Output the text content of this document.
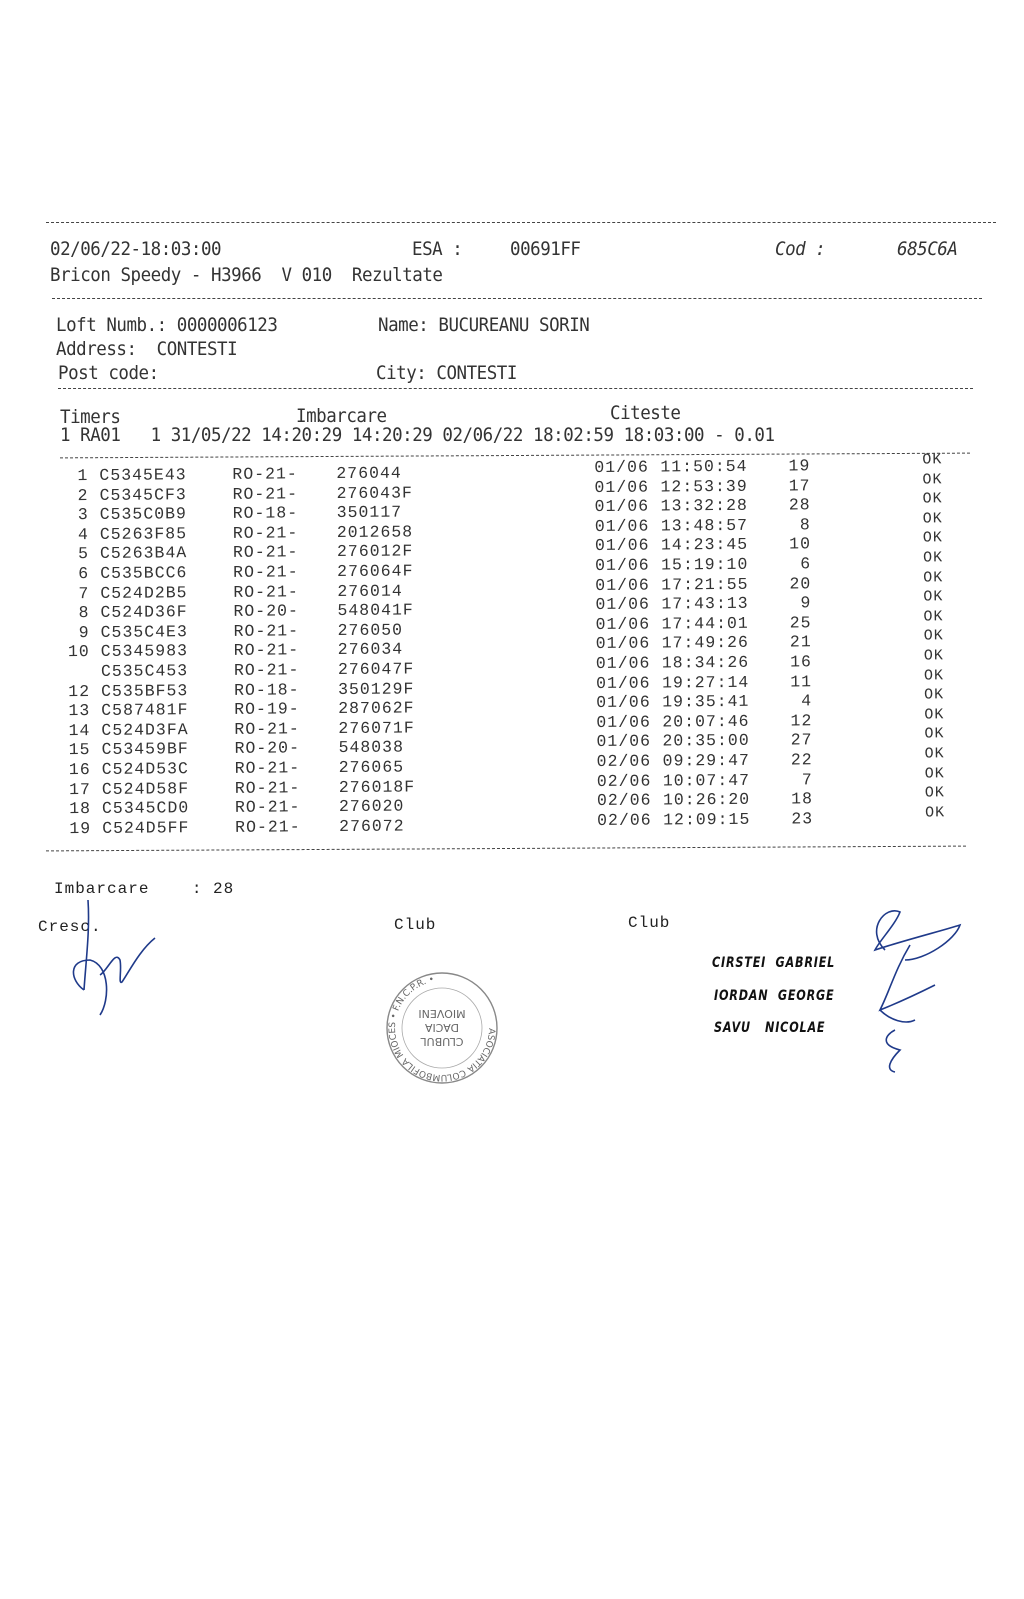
02/06/22-18:03:00	ESA :	00691FF	Cod :	685C6A
Bricon Speedy - H3966  V 010  Rezultate
Loft Numb.: 0000006123	Name: BUCUREANU SORIN
Address:  CONTESTI
Post code:	City: CONTESTI
Timers	Imbarcare	Citeste
1 RA01   1 31/05/22 14:20:29 14:20:29 02/06/22 18:02:59 18:03:00 - 0.01
1 C5345E43	RO-21- 276044	01/06 11:50:54	19	OK
2 C5345CF3	RO-21- 276043F	01/06 12:53:39	17	OK
3 C535C0B9	RO-18- 350117	01/06 13:32:28	28	OK
4 C5263F85	RO-21- 2012658	01/06 13:48:57	8	OK
5 C5263B4A	RO-21- 276012F	01/06 14:23:45	10	OK
6 C535BCC6	RO-21- 276064F	01/06 15:19:10	6	OK
7 C524D2B5	RO-21- 276014	01/06 17:21:55	20	OK
8 C524D36F	RO-20- 548041F	01/06 17:43:13	9	OK
9 C535C4E3	RO-21- 276050	01/06 17:44:01	25	OK
10 C5345983	RO-21- 276034	01/06 17:49:26	21	OK
C535C453	RO-21- 276047F	01/06 18:34:26	16	OK
12 C535BF53	RO-18- 350129F	01/06 19:27:14	11	OK
13 C587481F	RO-19- 287062F	01/06 19:35:41	4	OK
14 C524D3FA	RO-21- 276071F	01/06 20:07:46	12	OK
15 C53459BF	RO-20- 548038	01/06 20:35:00	27	OK
16 C524D53C	RO-21- 276065	02/06 09:29:47	22	OK
17 C524D58F	RO-21- 276018F	02/06 10:07:47	7	OK
18 C5345CD0	RO-21- 276020	02/06 10:26:20	18	OK
19 C524D5FF	RO-21- 276072	02/06 12:09:15	23	OK
Imbarcare    : 28
Cresc.	Club	Club
CIRSTEI  GABRIEL
IORDAN  GEORGE
SAVU   NICOLAE
ASOCIATIA COLUMBOFILA MIOCES • F.N.C.P.R. •
CLUBUL
DACIA
MIOVENI
